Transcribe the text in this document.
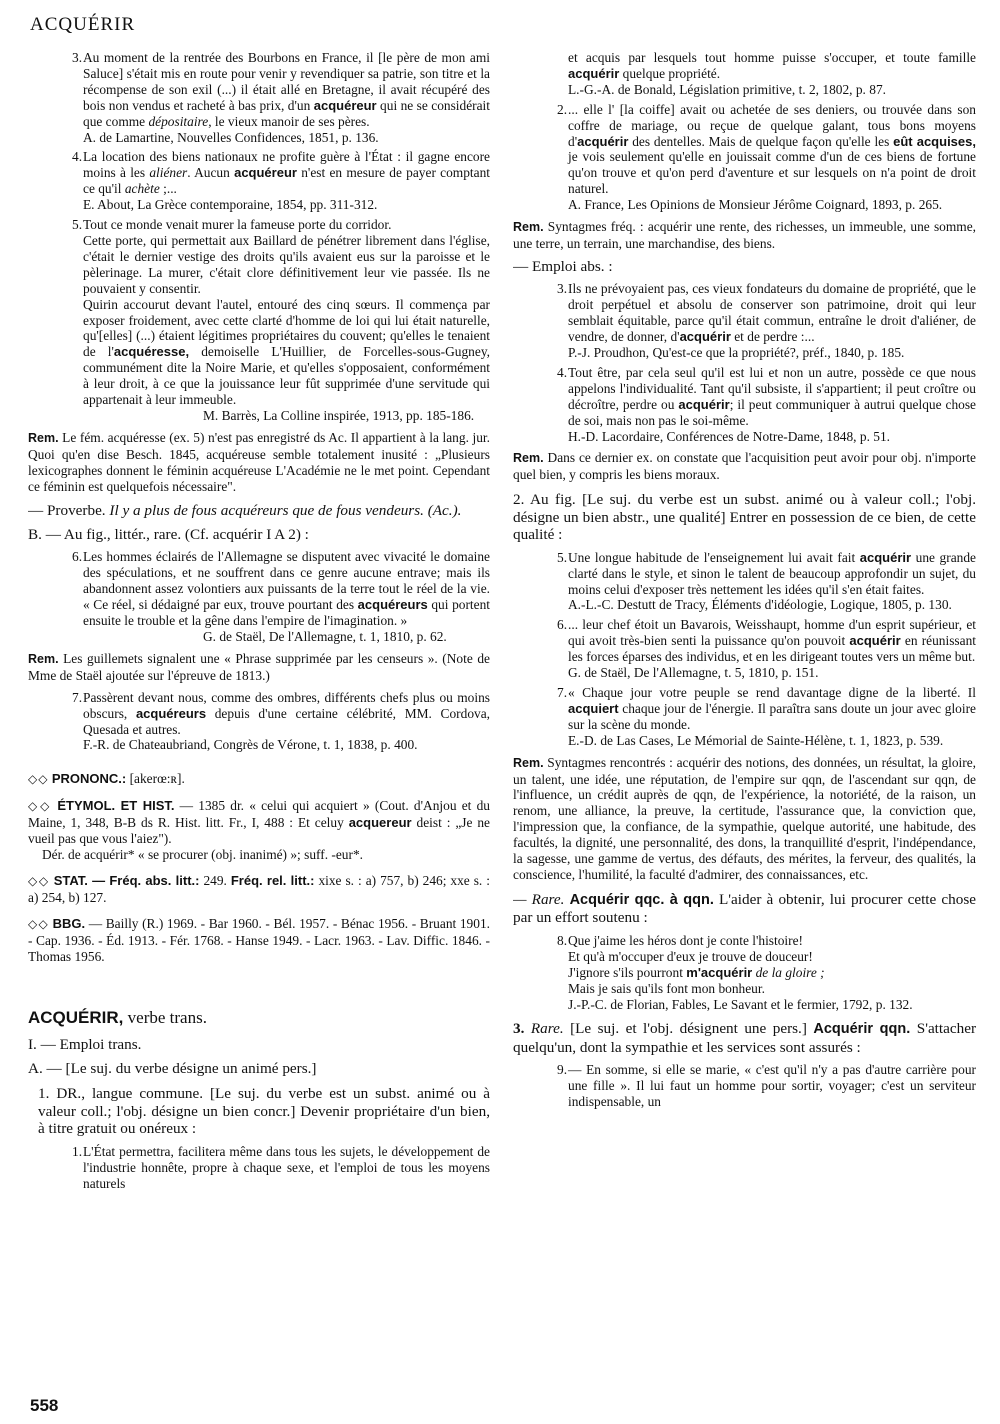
ACQUÉRIR
3. Au moment de la rentrée des Bourbons en France, il [le père de mon ami Saluce] s'était mis en route pour venir y revendiquer sa patrie, son titre et la récompense de son exil (...) il était allé en Bretagne, il avait récupéré des bois non vendus et racheté à bas prix, d'un acquéreur qui ne se considérait que comme dépositaire, le vieux manoir de ses pères.

A. de Lamartine, Nouvelles Confidences, 1851, p. 136.

4. La location des biens nationaux ne profite guère à l'État : il gagne encore moins à les aliéner. Aucun acquéreur n'est en mesure de payer comptant ce qu'il achète ;...

E. About, La Grèce contemporaine, 1854, pp. 311-312.

5. Tout ce monde venait murer la fameuse porte du corridor.

Cette porte, qui permettait aux Baillard de pénétrer librement dans l'église, c'était le dernier vestige des droits qu'ils avaient eus sur la paroisse et le pèlerinage. La murer, c'était clore définitivement leur vie passée. Ils ne pouvaient y consentir.

Quirin accourut devant l'autel, entouré des cinq sœurs. Il commença par exposer froidement, avec cette clarté d'homme de loi qui lui était naturelle, qu'[elles] (...) étaient légitimes propriétaires du couvent; qu'elles le tenaient de l'acquéresse, demoiselle L'Huillier, de Forcelles-sous-Gugney, communément dite la Noire Marie, et qu'elles s'opposaient, conformément à leur droit, à ce que la jouissance leur fût supprimée d'une servitude qui appartenait à leur immeuble.

M. Barrès, La Colline inspirée, 1913, pp. 185-186.

Rem. Le fém. acquéresse (ex. 5) n'est pas enregistré ds Ac. Il appartient à la lang. jur. Quoi qu'en dise Besch. 1845, acquéreuse semble totalement inusité : „Plusieurs lexicographes donnent le féminin acquéreuse L'Académie ne le met point. Cependant ce féminin est quelquefois nécessaire".
— Proverbe. Il y a plus de fous acquéreurs que de fous vendeurs. (Ac.).
B. — Au fig., littér., rare. (Cf. acquérir I A 2) :
6. Les hommes éclairés de l'Allemagne se disputent avec vivacité le domaine des spéculations, et ne souffrent dans ce genre aucune entrave; mais ils abandonnent assez volontiers aux puissants de la terre tout le réel de la vie. « Ce réel, si dédaigné par eux, trouve pourtant des acquéreurs qui portent ensuite le trouble et la gêne dans l'empire de l'imagination. »

G. de Staël, De l'Allemagne, t. 1, 1810, p. 62.

Rem. Les guillemets signalent une « Phrase supprimée par les censeurs ». (Note de Mme de Staël ajoutée sur l'épreuve de 1813.)
7. Passèrent devant nous, comme des ombres, différents chefs plus ou moins obscurs, acquéreurs depuis d'une certaine célébrité, MM. Cordova, Quesada et autres.

F.-R. de Chateaubriand, Congrès de Vérone, t. 1, 1838, p. 400.

◇◇ PRONONC.: [akerœ:ʀ].
◇◇ ÉTYMOL. ET HIST. — 1385 dr. « celui qui acquiert » (Cout. d'Anjou et du Maine, 1, 348, B-B ds R. Hist. litt. Fr., I, 488 : Et celuy acquereur deist : „Je ne vueil pas que vous l'aiez").
Dér. de acquérir* « se procurer (obj. inanimé) »; suff. -eur*.
◇◇ STAT. — Fréq. abs. litt.: 249. Fréq. rel. litt.: xixe s. : a) 757, b) 246; xxe s. : a) 254, b) 127.
◇◇ BBG. — Bailly (R.) 1969. - Bar 1960. - Bél. 1957. - Bénac 1956. - Bruant 1901. - Cap. 1936. - Éd. 1913. - Fér. 1768. - Hanse 1949. - Lacr. 1963. - Lav. Diffic. 1846. - Thomas 1956.
ACQUÉRIR, verbe trans.
I. — Emploi trans.
A. — [Le suj. du verbe désigne un animé pers.]
1. DR., langue commune. [Le suj. du verbe est un subst. animé ou à valeur coll.; l'obj. désigne un bien concr.] Devenir propriétaire d'un bien, à titre gratuit ou onéreux :
1. L'État permettra, facilitera même dans tous les sujets, le développement de l'industrie honnête, propre à chaque sexe, et l'emploi de tous les moyens naturels

et acquis par lesquels tout homme puisse s'occuper, et toute famille acquérir quelque propriété.

L.-G.-A. de Bonald, Législation primitive, t. 2, 1802, p. 87.

2. ... elle l' [la coiffe] avait ou achetée de ses deniers, ou trouvée dans son coffre de mariage, ou reçue de quelque galant, tous bons moyens d'acquérir des dentelles. Mais de quelque façon qu'elle les eût acquises, je vois seulement qu'elle en jouissait comme d'un de ces biens de fortune qu'on trouve et qu'on perd d'aventure et sur lesquels on n'a point de droit naturel.

A. France, Les Opinions de Monsieur Jérôme Coignard, 1893, p. 265.

Rem. Syntagmes fréq. : acquérir une rente, des richesses, un immeuble, une somme, une terre, un terrain, une marchandise, des biens.
— Emploi abs. :
3. Ils ne prévoyaient pas, ces vieux fondateurs du domaine de propriété, que le droit perpétuel et absolu de conserver son patrimoine, droit qui leur semblait équitable, parce qu'il était commun, entraîne le droit d'aliéner, de vendre, de donner, d'acquérir et de perdre :...

P.-J. Proudhon, Qu'est-ce que la propriété?, préf., 1840, p. 185.

4. Tout être, par cela seul qu'il est lui et non un autre, possède ce que nous appelons l'individualité. Tant qu'il subsiste, il s'appartient; il peut croître ou décroître, perdre ou acquérir; il peut communiquer à autrui quelque chose de soi, mais non pas le soi-même.

H.-D. Lacordaire, Conférences de Notre-Dame, 1848, p. 51.

Rem. Dans ce dernier ex. on constate que l'acquisition peut avoir pour obj. n'importe quel bien, y compris les biens moraux.
2. Au fig. [Le suj. du verbe est un subst. animé ou à valeur coll.; l'obj. désigne un bien abstr., une qualité] Entrer en possession de ce bien, de cette qualité :
5. Une longue habitude de l'enseignement lui avait fait acquérir une grande clarté dans le style, et sinon le talent de beaucoup approfondir un sujet, du moins celui d'exposer très nettement les idées qu'il s'en était faites.

A.-L.-C. Destutt de Tracy, Éléments d'idéologie, Logique, 1805, p. 130.

6. ... leur chef étoit un Bavarois, Weisshaupt, homme d'un esprit supérieur, et qui avoit très-bien senti la puissance qu'on pouvoit acquérir en réunissant les forces éparses des individus, et en les dirigeant toutes vers un même but.

G. de Staël, De l'Allemagne, t. 5, 1810, p. 151.

7. « Chaque jour votre peuple se rend davantage digne de la liberté. Il acquiert chaque jour de l'énergie. Il paraîtra sans doute un jour avec gloire sur la scène du monde.

E.-D. de Las Cases, Le Mémorial de Sainte-Hélène, t. 1, 1823, p. 539.

Rem. Syntagmes rencontrés : acquérir des notions, des données, un résultat, la gloire, un talent, une idée, une réputation, de l'empire sur qqn, de l'ascendant sur qqn, de l'influence, un crédit auprès de qqn, de l'expérience, la notoriété, de la raison, un renom, une alliance, la preuve, la certitude, l'assurance que, la conviction que, l'impression que, la confiance, de la sympathie, quelque autorité, une habitude, des facultés, la dignité, une personnalité, des dons, la tranquillité d'esprit, l'indépendance, la sagesse, une gamme de vertus, des défauts, des mérites, la ferveur, des qualités, la conscience, l'humilité, la faculté d'admirer, des connaissances, etc.
— Rare. Acquérir qqc. à qqn. L'aider à obtenir, lui procurer cette chose par un effort soutenu :
8. Que j'aime les héros dont je conte l'histoire!

Et qu'à m'occuper d'eux je trouve de douceur!

J'ignore s'ils pourront m'acquérir de la gloire ;

Mais je sais qu'ils font mon bonheur.

J.-P.-C. de Florian, Fables, Le Savant et le fermier, 1792, p. 132.

3. Rare. [Le suj. et l'obj. désignent une pers.] Acquérir qqn. S'attacher quelqu'un, dont la sympathie et les services sont assurés :
9. — En somme, si elle se marie, « c'est qu'il n'y a pas d'autre carrière pour une fille ». Il lui faut un homme pour sortir, voyager; c'est un serviteur indispensable, un

558
